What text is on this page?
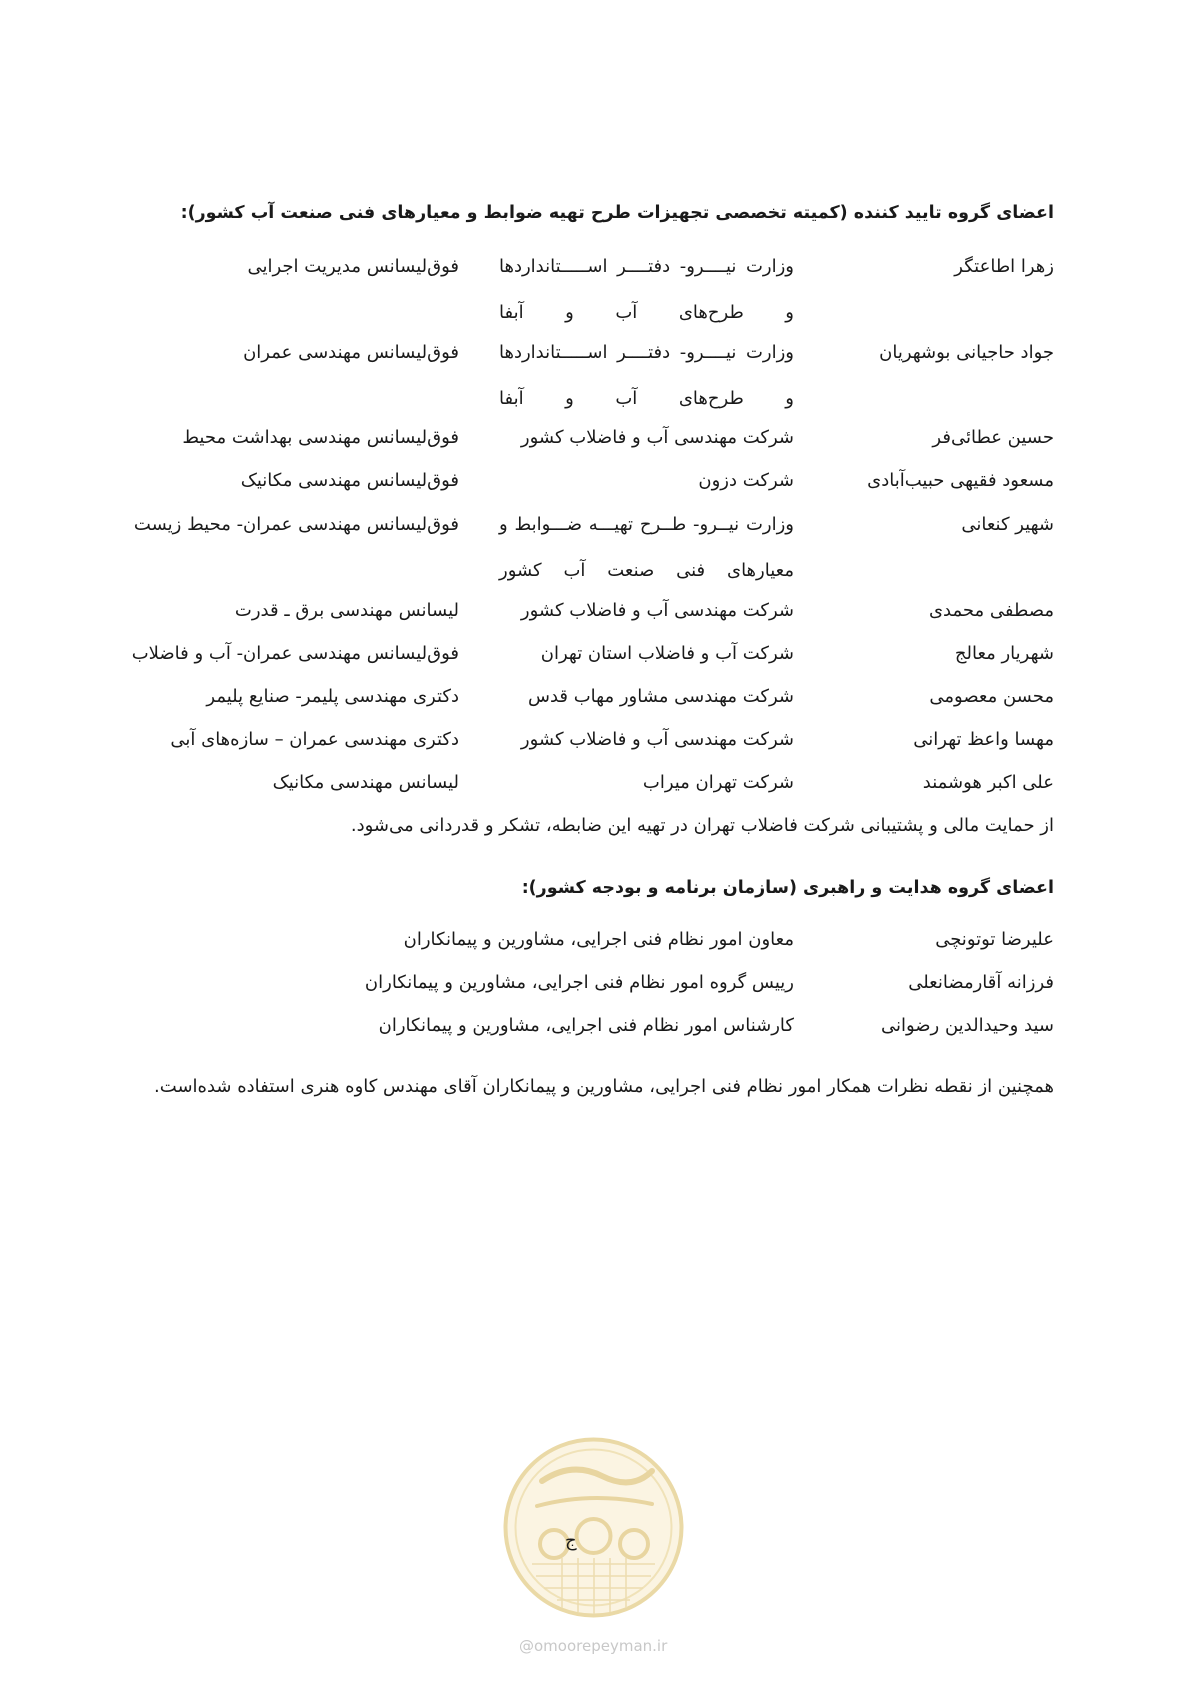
اعضای گروه تایید کننده (کمیته تخصصی تجهیزات طرح تهیه ضوابط و معیارهای فنی صنعت آب کشور):
زهرا اطاعتگر
وزارت نیــــرو- دفتــــر اســـــتانداردها و طرح‌های آب و آبفا
فوق‌لیسانس مدیریت اجرایی
جواد حاجیانی بوشهریان
وزارت نیــــرو- دفتــــر اســـــتانداردها و طرح‌های آب و آبفا
فوق‌لیسانس مهندسی عمران
حسین عطائی‌فر
شرکت مهندسی آب و فاضلاب کشور
فوق‌لیسانس مهندسی بهداشت محیط
مسعود فقیهی حبیب‌آبادی
شرکت دزون
فوق‌لیسانس مهندسی مکانیک
شهیر کنعانی
وزارت نیــرو- طــرح تهیـــه ضـــوابط و معیارهای فنی صنعت آب کشور
فوق‌لیسانس مهندسی عمران- محیط زیست
مصطفی محمدی
شرکت مهندسی آب و فاضلاب کشور
لیسانس مهندسی برق ـ قدرت
شهریار معالج
شرکت آب و فاضلاب استان تهران
فوق‌لیسانس مهندسی عمران- آب و فاضلاب
محسن معصومی
شرکت مهندسی مشاور مهاب قدس
دکتری مهندسی پلیمر- صنایع پلیمر
مهسا واعظ تهرانی
شرکت مهندسی آب و فاضلاب کشور
دکتری مهندسی عمران – سازه‌های آبی
علی اکبر هوشمند
شرکت تهران میراب
لیسانس مهندسی مکانیک
از حمایت مالی و پشتیبانی شرکت فاضلاب تهران در تهیه این ضابطه، تشکر و قدردانی می‌شود.
اعضای گروه هدایت و راهبری (سازمان برنامه و بودجه کشور):
علیرضا توتونچی
معاون امور نظام فنی اجرایی، مشاورین و پیمانکاران
فرزانه آقارمضانعلی
رییس گروه امور نظام فنی اجرایی، مشاورین و پیمانکاران
سید وحیدالدین رضوانی
کارشناس امور نظام فنی اجرایی، مشاورین و پیمانکاران
همچنین از نقطه نظرات همکار امور نظام فنی اجرایی، مشاورین و پیمانکاران آقای مهندس کاوه هنری استفاده شده‌است.
ج
@omoorepeyman.ir
